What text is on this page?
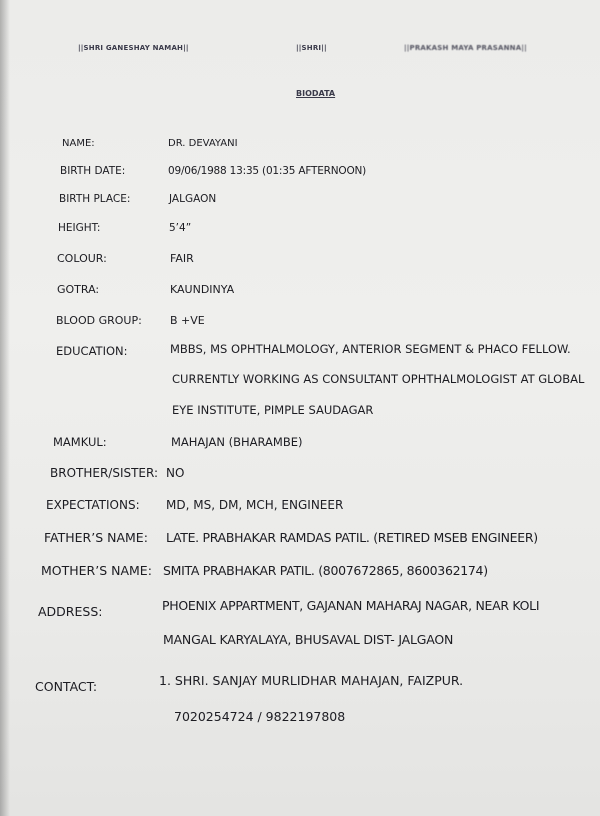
||SHRI GANESHAY NAMAH||	||SHRI||	||PRAKASH MAYA PRASANNA||
BIODATA
NAME:	DR. DEVAYANI
BIRTH DATE:	09/06/1988 13:35 (01:35 AFTERNOON)
BIRTH PLACE:	JALGAON
HEIGHT:	5’4”
COLOUR:	FAIR
GOTRA:	KAUNDINYA
BLOOD GROUP:	B +VE
EDUCATION:	MBBS, MS OPHTHALMOLOGY, ANTERIOR SEGMENT & PHACO FELLOW.
CURRENTLY WORKING AS CONSULTANT OPHTHALMOLOGIST AT GLOBAL
EYE INSTITUTE, PIMPLE SAUDAGAR
MAMKUL:	MAHAJAN (BHARAMBE)
BROTHER/SISTER: NO
EXPECTATIONS: MD, MS, DM, MCH, ENGINEER
FATHER’S NAME: LATE. PRABHAKAR RAMDAS PATIL. (RETIRED MSEB ENGINEER)
MOTHER’S NAME: SMITA PRABHAKAR PATIL. (8007672865, 8600362174)
ADDRESS:	PHOENIX APPARTMENT, GAJANAN MAHARAJ NAGAR, NEAR KOLI
MANGAL KARYALAYA, BHUSAVAL DIST- JALGAON
CONTACT:	1. SHRI. SANJAY MURLIDHAR MAHAJAN, FAIZPUR.
7020254724 / 9822197808
